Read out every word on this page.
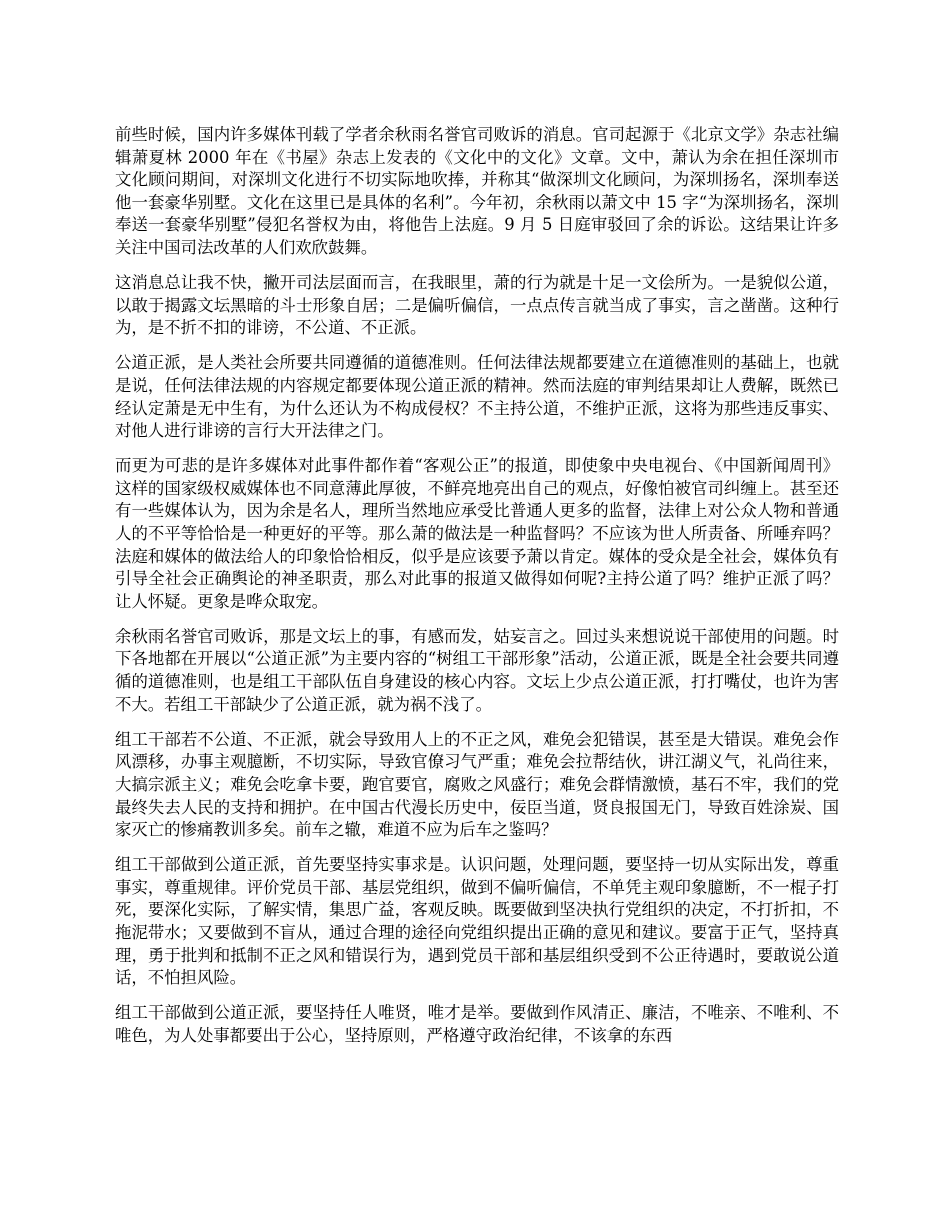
前些时候，国内许多媒体刊载了学者余秋雨名誉官司败诉的消息。官司起源于《北京文学》杂志社编辑萧夏林 2000 年在《书屋》杂志上发表的《文化中的文化》文章。文中，萧认为余在担任深圳市文化顾问期间，对深圳文化进行不切实际地吹捧，并称其“做深圳文化顾问，为深圳扬名，深圳奉送他一套豪华别墅。文化在这里已是具体的名利”。今年初，余秋雨以萧文中 15 字“为深圳扬名，深圳奉送一套豪华别墅”侵犯名誉权为由，将他告上法庭。9 月 5 日庭审驳回了余的诉讼。这结果让许多关注中国司法改革的人们欢欣鼓舞。

这消息总让我不快，撇开司法层面而言，在我眼里，萧的行为就是十足一文侩所为。一是貌似公道，以敢于揭露文坛黑暗的斗士形象自居；二是偏听偏信，一点点传言就当成了事实，言之凿凿。这种行为，是不折不扣的诽谤，不公道、不正派。

公道正派，是人类社会所要共同遵循的道德准则。任何法律法规都要建立在道德准则的基础上，也就是说，任何法律法规的内容规定都要体现公道正派的精神。然而法庭的审判结果却让人费解，既然已经认定萧是无中生有，为什么还认为不构成侵权？不主持公道，不维护正派，这将为那些违反事实、对他人进行诽谤的言行大开法律之门。

而更为可悲的是许多媒体对此事件都作着“客观公正”的报道，即使象中央电视台、《中国新闻周刊》这样的国家级权威媒体也不同意薄此厚彼，不鲜亮地亮出自己的观点，好像怕被官司纠缠上。甚至还有一些媒体认为，因为余是名人，理所当然地应承受比普通人更多的监督，法律上对公众人物和普通人的不平等恰恰是一种更好的平等。那么萧的做法是一种监督吗？不应该为世人所责备、所唾弃吗？法庭和媒体的做法给人的印象恰恰相反，似乎是应该要予萧以肯定。媒体的受众是全社会，媒体负有引导全社会正确舆论的神圣职责，那么对此事的报道又做得如何呢?主持公道了吗？维护正派了吗？让人怀疑。更象是哗众取宠。

余秋雨名誉官司败诉，那是文坛上的事，有感而发，姑妄言之。回过头来想说说干部使用的问题。时下各地都在开展以“公道正派”为主要内容的“树组工干部形象”活动，公道正派，既是全社会要共同遵循的道德准则，也是组工干部队伍自身建设的核心内容。文坛上少点公道正派，打打嘴仗，也许为害不大。若组工干部缺少了公道正派，就为祸不浅了。

组工干部若不公道、不正派，就会导致用人上的不正之风，难免会犯错误，甚至是大错误。难免会作风漂移，办事主观臆断，不切实际，导致官僚习气严重；难免会拉帮结伙，讲江湖义气，礼尚往来，大搞宗派主义；难免会吃拿卡要，跑官要官，腐败之风盛行；难免会群情激愤，基石不牢，我们的党最终失去人民的支持和拥护。在中国古代漫长历史中，佞臣当道，贤良报国无门，导致百姓涂炭、国家灭亡的惨痛教训多矣。前车之辙，难道不应为后车之鉴吗？

组工干部做到公道正派，首先要坚持实事求是。认识问题，处理问题，要坚持一切从实际出发，尊重事实，尊重规律。评价党员干部、基层党组织，做到不偏听偏信，不单凭主观印象臆断，不一棍子打死，要深化实际，了解实情，集思广益，客观反映。既要做到坚决执行党组织的决定，不打折扣，不拖泥带水；又要做到不盲从，通过合理的途径向党组织提出正确的意见和建议。要富于正气，坚持真理，勇于批判和抵制不正之风和错误行为，遇到党员干部和基层组织受到不公正待遇时，要敢说公道话，不怕担风险。

组工干部做到公道正派，要坚持任人唯贤，唯才是举。要做到作风清正、廉洁，不唯亲、不唯利、不唯色，为人处事都要出于公心，坚持原则，严格遵守政治纪律，不该拿的东西
